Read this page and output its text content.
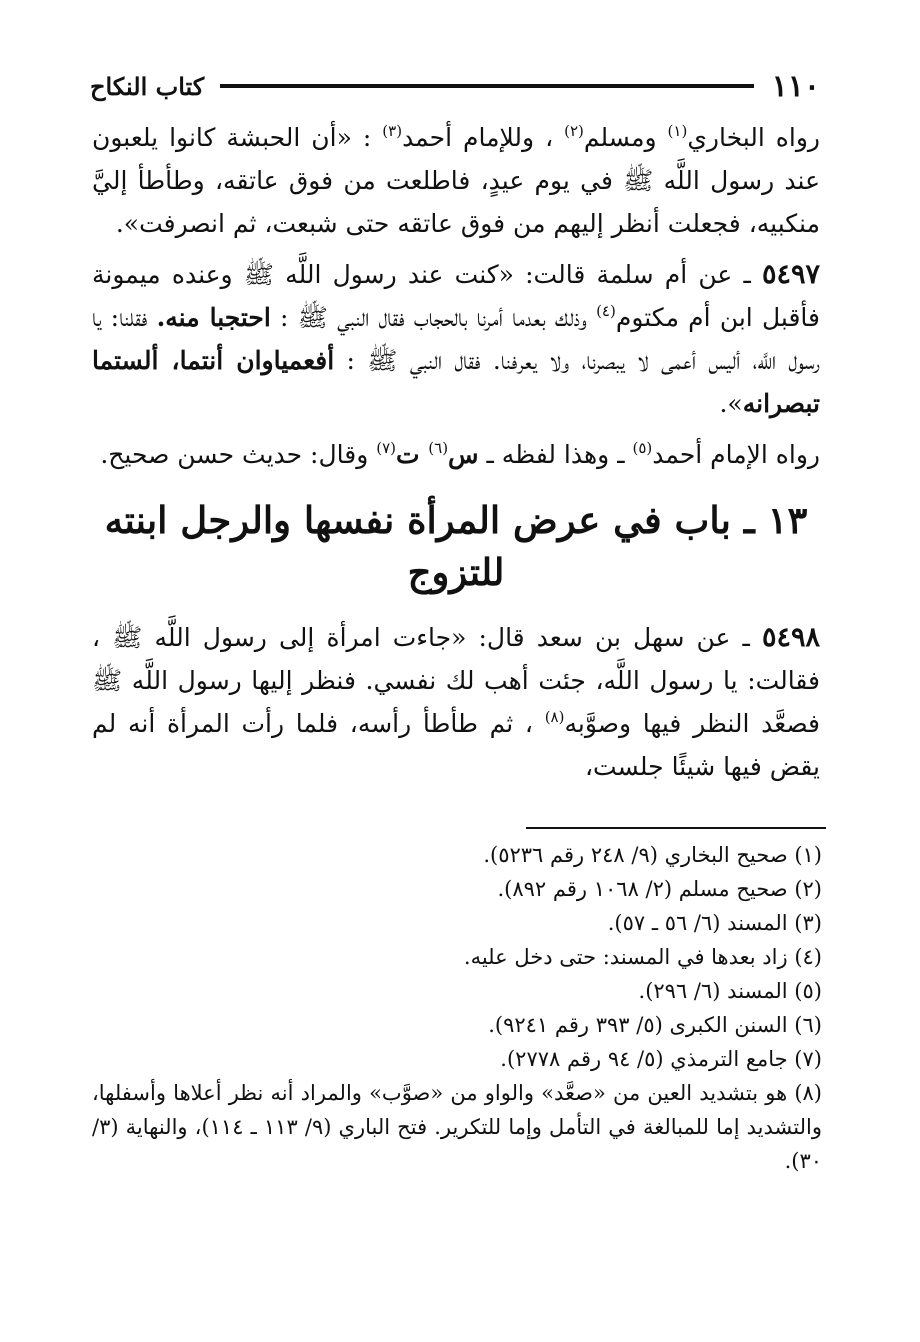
١١٠
كتاب النكاح

رواه البخاري$^{(١)}$ ومسلم$^{(٢)}$ ، وللإمام أحمد$^{(٣)}$ : «أن الحبشة كانوا يلعبون عند رسول اللَّه ﷺ في يوم عيدٍ، فاطلعت من فوق عاتقه، وطأطأ إليَّ منكبيه، فجعلت أنظر إليهم من فوق عاتقه حتى شبعت، ثم انصرفت».

٥٤٩٧ ـ عن أم سلمة قالت: «كنت عند رسول اللَّه ﷺ وعنده ميمونة فأقبل ابن أم مكتوم$^{(٤)}$ وذلك بعدما أمرنا بالحجاب فقال النبي ﷺ : احتجبا منه. فقلنا: يا رسول اللَّه، أليس أعمى لا يبصرنا، ولا يعرفنا. فقال النبي ﷺ : أفعمياوان أنتما، ألستما تبصرانه».

رواه الإمام أحمد$^{(٥)}$ ـ وهذا لفظه ـ س$^{(٦)}$ ت$^{(٧)}$ وقال: حديث حسن صحيح.

١٣ ـ باب في عرض المرأة نفسها والرجل ابنته للتزوج

٥٤٩٨ ـ عن سهل بن سعد قال: «جاءت امرأة إلى رسول اللَّه ﷺ ، فقالت: يا رسول اللَّه، جئت أهب لك نفسي. فنظر إليها رسول اللَّه ﷺ فصعَّد النظر فيها وصوَّبه$^{(٨)}$ ، ثم طأطأ رأسه، فلما رأت المرأة أنه لم يقض فيها شيئًا جلست،

(١) صحيح البخاري (٩/ ٢٤٨ رقم ٥٢٣٦).

(٢) صحيح مسلم (٢/ ١٠٦٨ رقم ٨٩٢).

(٣) المسند (٦/ ٥٦ ـ ٥٧).

(٤) زاد بعدها في المسند: حتى دخل عليه.

(٥) المسند (٦/ ٢٩٦).

(٦) السنن الكبرى (٥/ ٣٩٣ رقم ٩٢٤١).

(٧) جامع الترمذي (٥/ ٩٤ رقم ٢٧٧٨).

(٨) هو بتشديد العين من «صعَّد» والواو من «صوَّب» والمراد أنه نظر أعلاها وأسفلها، والتشديد إما للمبالغة في التأمل وإما للتكرير. فتح الباري (٩/ ١١٣ ـ ١١٤)، والنهاية (٣/ ٣٠).
